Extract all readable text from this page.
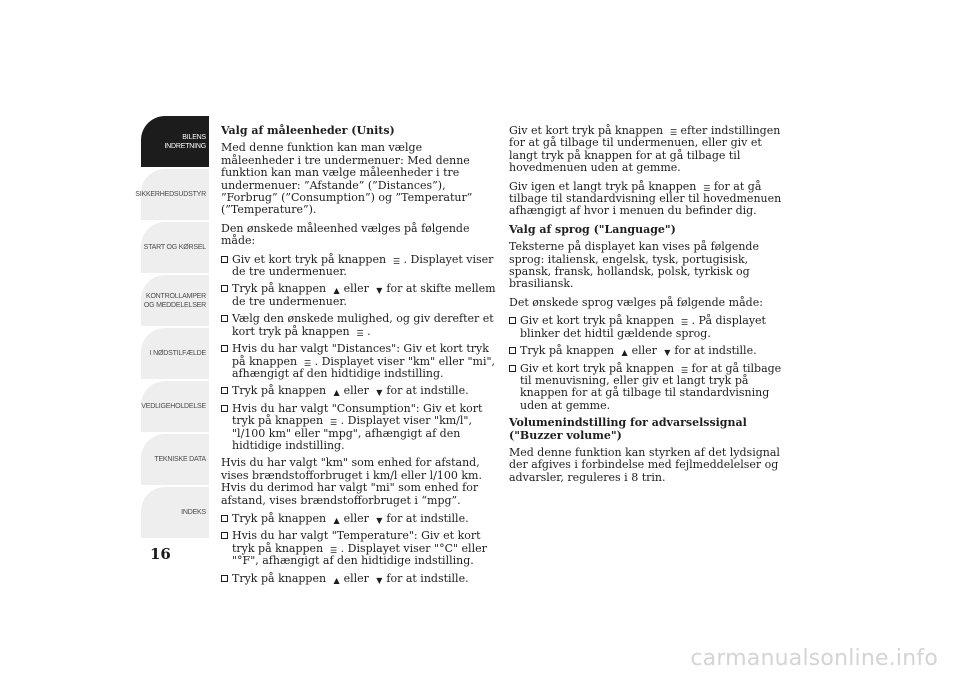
BILENS INDRETNING
SIKKERHEDSUDSTYR
START OG KØRSEL
KONTROLLAMPER OG MEDDELELSER
I NØDSTILFÆLDE
VEDLIGEHOLDELSE
TEKNISKE DATA
INDEKS
16

Valg af måleenheder (Units)

Med denne funktion kan man vælge måleenheder i tre undermenuer: Med denne funktion kan man vælge måleenheder i tre undermenuer: ”Afstande” (”Distances”), ”Forbrug” (”Consumption”) og ”Temperatur” (”Temperature”).

Den ønskede måleenhed vælges på følgende måde:

Giv et kort tryk på knappen ☰ . Displayet viser de tre undermenuer.

Tryk på knappen ▲ eller ▼ for at skifte mellem de tre undermenuer.

Vælg den ønskede mulighed, og giv derefter et kort tryk på knappen ☰ .

Hvis du har valgt "Distances": Giv et kort tryk på knappen ☰ . Displayet viser "km" eller "mi", afhængigt af den hidtidige indstilling.

Tryk på knappen ▲ eller ▼ for at indstille.

Hvis du har valgt "Consumption": Giv et kort tryk på knappen ☰ . Displayet viser "km/l", "l/100 km" eller "mpg", afhængigt af den hidtidige indstilling.

Hvis du har valgt "km" som enhed for afstand, vises brændstofforbruget i km/l eller l/100 km. Hvis du derimod har valgt "mi" som enhed for afstand, vises brændstofforbruget i “mpg”.

Tryk på knappen ▲ eller ▼ for at indstille.

Hvis du har valgt "Temperature": Giv et kort tryk på knappen ☰ . Displayet viser "°C" eller "°F", afhængigt af den hidtidige indstilling.

Tryk på knappen ▲ eller ▼ for at indstille.

Giv et kort tryk på knappen ☰ efter indstillingen for at gå tilbage til undermenuen, eller giv et langt tryk på knappen for at gå tilbage til hovedmenuen uden at gemme.

Giv igen et langt tryk på knappen ☰ for at gå tilbage til standardvisning eller til hovedmenuen afhængigt af hvor i menuen du befinder dig.

Valg af sprog ("Language")

Teksterne på displayet kan vises på følgende sprog: italiensk, engelsk, tysk, portugisisk, spansk, fransk, hollandsk, polsk, tyrkisk og brasiliansk.

Det ønskede sprog vælges på følgende måde:

Giv et kort tryk på knappen ☰ . På displayet blinker det hidtil gældende sprog.

Tryk på knappen ▲ eller ▼ for at indstille.

Giv et kort tryk på knappen ☰ for at gå tilbage til menuvisning, eller giv et langt tryk på knappen for at gå tilbage til standardvisning uden at gemme.

Volumenindstilling for advarselssignal ("Buzzer volume")

Med denne funktion kan styrken af det lydsignal der afgives i forbindelse med fejlmeddelelser og advarsler, reguleres i 8 trin.

carmanualsonline.info
